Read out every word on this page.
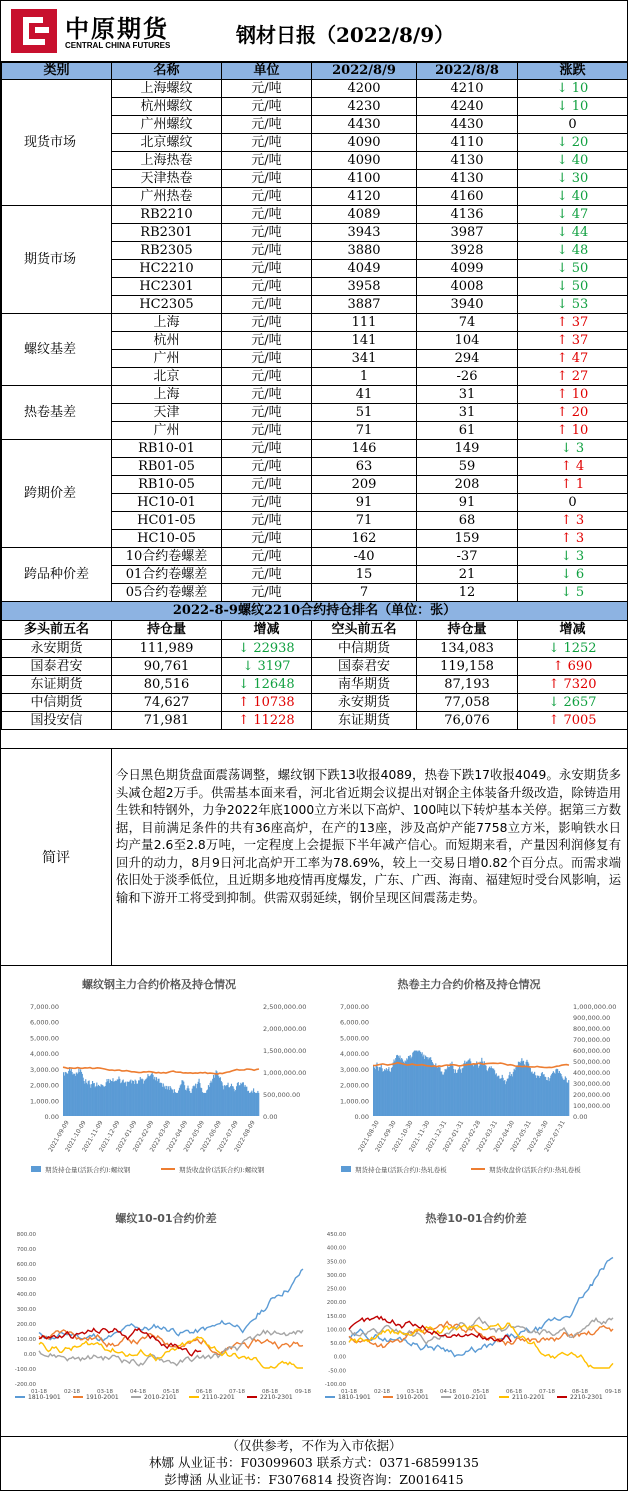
中原期货
CENTRAL CHINA FUTURES	钢材日报（2022/8/9）
类别	名称	单位	2022/8/9	2022/8/8	涨跌
现货市场	上海螺纹	元/吨	4200	4210	↓ 10
	杭州螺纹	元/吨	4230	4240	↓ 10
	广州螺纹	元/吨	4430	4430	0
	北京螺纹	元/吨	4090	4110	↓ 20
	上海热卷	元/吨	4090	4130	↓ 40
	天津热卷	元/吨	4100	4130	↓ 30
	广州热卷	元/吨	4120	4160	↓ 40
期货市场	RB2210	元/吨	4089	4136	↓ 47
	RB2301	元/吨	3943	3987	↓ 44
	RB2305	元/吨	3880	3928	↓ 48
	HC2210	元/吨	4049	4099	↓ 50
	HC2301	元/吨	3958	4008	↓ 50
	HC2305	元/吨	3887	3940	↓ 53
螺纹基差	上海	元/吨	111	74	↑ 37
	杭州	元/吨	141	104	↑ 37
	广州	元/吨	341	294	↑ 47
	北京	元/吨	1	-26	↑ 27
热卷基差	上海	元/吨	41	31	↑ 10
	天津	元/吨	51	31	↑ 20
	广州	元/吨	71	61	↑ 10
跨期价差	RB10-01	元/吨	146	149	↓ 3
	RB01-05	元/吨	63	59	↑ 4
	RB10-05	元/吨	209	208	↑ 1
	HC10-01	元/吨	91	91	0
	HC01-05	元/吨	71	68	↑ 3
	HC10-05	元/吨	162	159	↑ 3
跨品种价差	10合约卷螺差	元/吨	-40	-37	↓ 3
	01合约卷螺差	元/吨	15	21	↓ 6
	05合约卷螺差	元/吨	7	12	↓ 5
2022-8-9螺纹2210合约持仓排名（单位：张）					
多头前五名	持仓量	增减	空头前五名	持仓量	增减
永安期货	111,989	↓ 22938	中信期货	134,083	↓ 1252
国泰君安	90,761	↓ 3197	国泰君安	119,158	↑ 690
东证期货	80,516	↓ 12648	南华期货	87,193	↑ 7320
中信期货	74,627	↑ 10738	永安期货	77,058	↓ 2657
国投安信	71,981	↑ 11228	东证期货	76,076	↑ 7005
简评
今日黑色期货盘面震荡调整，螺纹钢下跌13收报4089，热卷下跌17收报4049。永安期货多头减仓超2万手。供需基本面来看，河北省近期会议提出对钢企主体装备升级改造，除铸造用生铁和特钢外，力争2022年底1000立方米以下高炉、100吨以下转炉基本关停。据第三方数据，目前满足条件的共有36座高炉，在产的13座，涉及高炉产能7758立方米，影响铁水日均产量2.6至2.8万吨，一定程度上会提振下半年减产信心。而短期来看，产量因利润修复有回升的动力，8月9日河北高炉开工率为78.69%，较上一交易日增0.82个百分点。而需求端依旧处于淡季低位，且近期多地疫情再度爆发，广东、广西、海南、福建短时受台风影响，运输和下游开工将受到抑制。供需双弱延续，钢价呈现区间震荡走势。
螺纹钢主力合约价格及持仓情况
7,000.00
6,000.00
5,000.00
4,000.00
3,000.00
2,000.00
1,000.00
0.00
2,500,000.00
2,000,000.00
1,500,000.00
1,000,000.00
500,000.00
0.00
2021-09-09
2021-10-09
2021-11-09
2021-12-09
2022-01-09
2022-02-09
2022-03-09
2022-04-09
2022-05-09
2022-06-09
2022-07-09
2022-08-09
期货持仓量(活跃合约):螺纹钢	期货收盘价(活跃合约):螺纹钢
热卷主力合约价格及持仓情况
7,000.00
6,000.00
5,000.00
4,000.00
3,000.00
2,000.00
1,000.00
0.00
1,000,000.00
900,000.00
800,000.00
700,000.00
600,000.00
500,000.00
400,000.00
300,000.00
200,000.00
100,000.00
0.00
2021-08-30
2021-09-30
2021-10-30
2021-11-30
2021-12-31
2022-01-31
2022-02-28
2022-03-31
2022-04-30
2022-05-31
2022-06-30
2022-07-31
期货持仓量(活跃合约):热轧卷板	期货收盘价(活跃合约):热轧卷板
螺纹10-01合约价差
800.00
700.00
600.00
500.00
400.00
300.00
200.00
100.00
0.00
-100.00
-200.00
01-18	02-18	03-18	04-18	05-18	06-18	07-18	08-18	09-18
1810-1901	1910-2001	2010-2101	2110-2201	2210-2301
热卷10-01合约价差
450.00
400.00
350.00
300.00
250.00
200.00
150.00
100.00
50.00
0.00
-50.00
-100.00
01-18	02-18	03-18	04-18	05-18	06-18	07-18	08-18	09-18
1810-1901	1910-2001	2010-2101	2110-2201	2210-2301
（仅供参考，不作为入市依据）
林娜 从业证书：F03099603 联系方式：0371-68599135
彭博涵 从业证书：F3076814 投资咨询：Z0016415
